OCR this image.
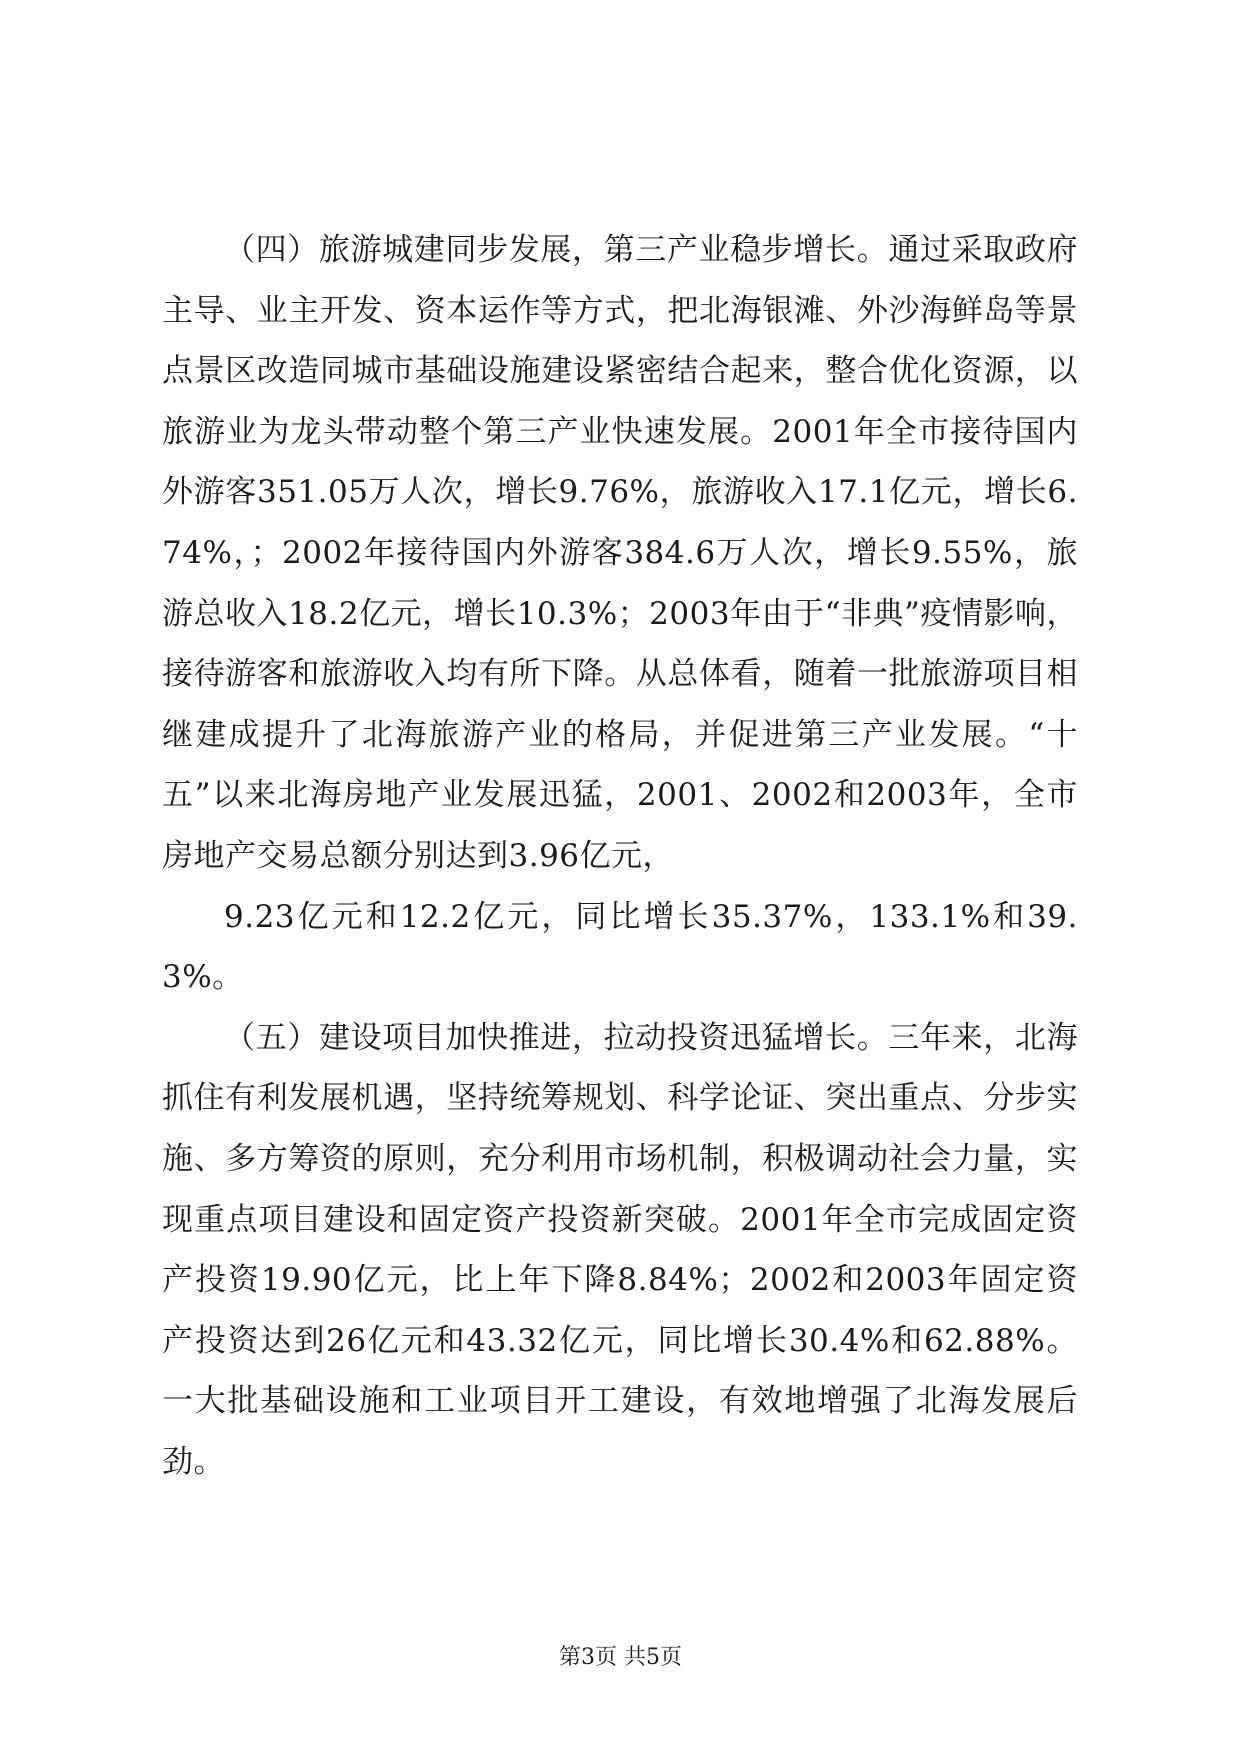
（四）旅游城建同步发展，第三产业稳步增长。通过采取政府主导、业主开发、资本运作等方式，把北海银滩、外沙海鲜岛等景点景区改造同城市基础设施建设紧密结合起来，整合优化资源，以旅游业为龙头带动整个第三产业快速发展。2001年全市接待国内外游客351.05万人次，增长9.76%，旅游收入17.1亿元，增长6.74%，；2002年接待国内外游客384.6万人次，增长9.55%，旅游总收入18.2亿元，增长10.3%；2003年由于“非典”疫情影响，接待游客和旅游收入均有所下降。从总体看，随着一批旅游项目相继建成提升了北海旅游产业的格局，并促进第三产业发展。“十五”以来北海房地产业发展迅猛，2001、2002和2003年，全市房地产交易总额分别达到3.96亿元，

9.23亿元和12.2亿元，同比增长35.37%，133.1%和39.3%。

（五）建设项目加快推进，拉动投资迅猛增长。三年来，北海抓住有利发展机遇，坚持统筹规划、科学论证、突出重点、分步实施、多方筹资的原则，充分利用市场机制，积极调动社会力量，实现重点项目建设和固定资产投资新突破。2001年全市完成固定资产投资19.90亿元，比上年下降8.84%；2002和2003年固定资产投资达到26亿元和43.32亿元，同比增长30.4%和62.88%。一大批基础设施和工业项目开工建设，有效地增强了北海发展后劲。

第3页 共5页
